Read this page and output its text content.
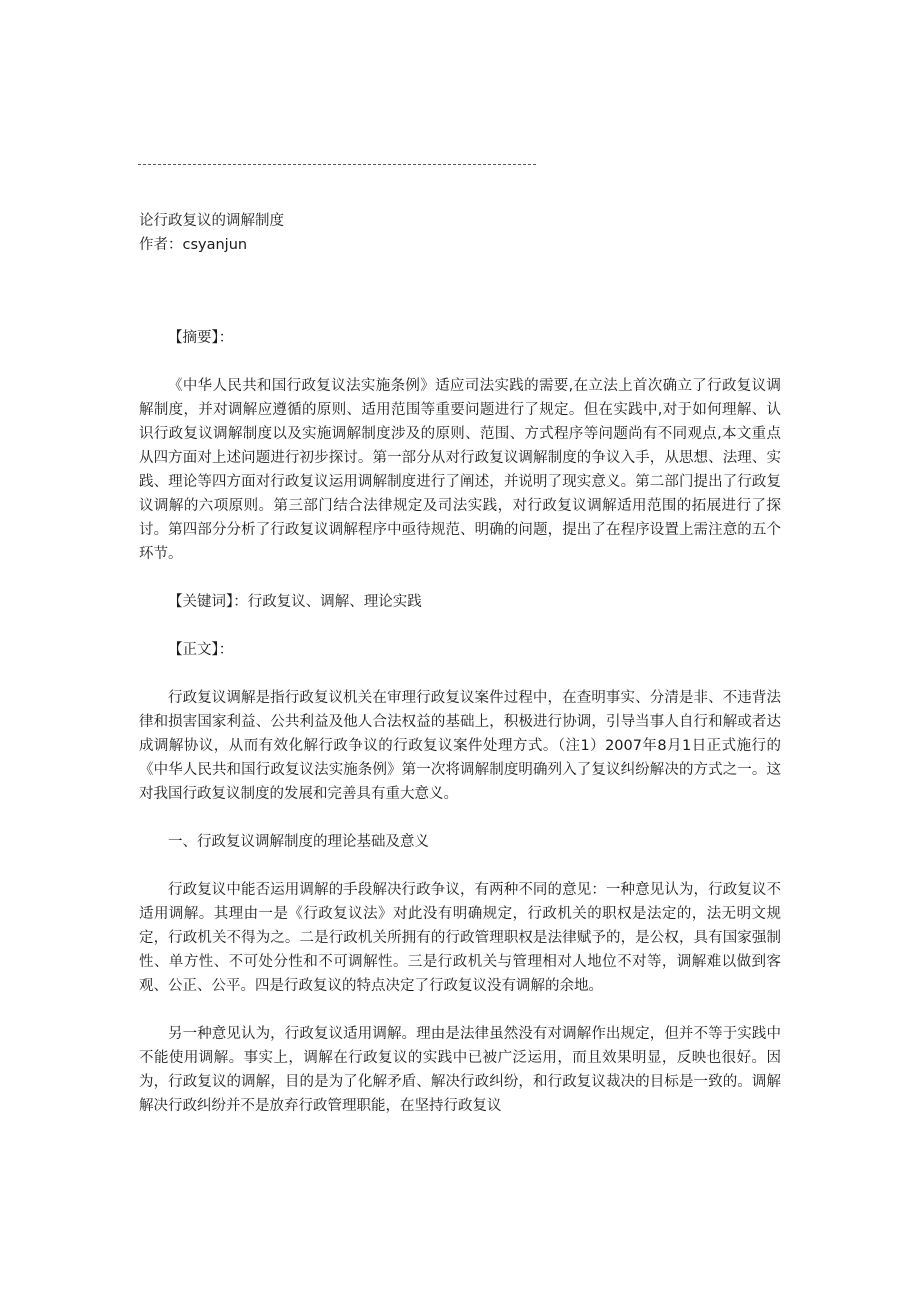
论行政复议的调解制度
作者：csyanjun

【摘要】：

《中华人民共和国行政复议法实施条例》适应司法实践的需要,在立法上首次确立了行政复议调解制度，并对调解应遵循的原则、适用范围等重要问题进行了规定。但在实践中,对于如何理解、认识行政复议调解制度以及实施调解制度涉及的原则、范围、方式程序等问题尚有不同观点,本文重点从四方面对上述问题进行初步探讨。第一部分从对行政复议调解制度的争议入手，从思想、法理、实践、理论等四方面对行政复议运用调解制度进行了阐述，并说明了现实意义。第二部门提出了行政复议调解的六项原则。第三部门结合法律规定及司法实践，对行政复议调解适用范围的拓展进行了探讨。第四部分分析了行政复议调解程序中亟待规范、明确的问题，提出了在程序设置上需注意的五个环节。

【关键词】：行政复议、调解、理论实践

【正文】：

行政复议调解是指行政复议机关在审理行政复议案件过程中，在查明事实、分清是非、不违背法律和损害国家利益、公共利益及他人合法权益的基础上，积极进行协调，引导当事人自行和解或者达成调解协议，从而有效化解行政争议的行政复议案件处理方式。（注1）2007年8月1日正式施行的《中华人民共和国行政复议法实施条例》第一次将调解制度明确列入了复议纠纷解决的方式之一。这对我国行政复议制度的发展和完善具有重大意义。

一、行政复议调解制度的理论基础及意义

行政复议中能否运用调解的手段解决行政争议，有两种不同的意见：一种意见认为，行政复议不适用调解。其理由一是《行政复议法》对此没有明确规定，行政机关的职权是法定的，法无明文规定，行政机关不得为之。二是行政机关所拥有的行政管理职权是法律赋予的，是公权，具有国家强制性、单方性、不可处分性和不可调解性。三是行政机关与管理相对人地位不对等，调解难以做到客观、公正、公平。四是行政复议的特点决定了行政复议没有调解的余地。

另一种意见认为，行政复议适用调解。理由是法律虽然没有对调解作出规定，但并不等于实践中不能使用调解。事实上，调解在行政复议的实践中已被广泛运用，而且效果明显，反映也很好。因为，行政复议的调解，目的是为了化解矛盾、解决行政纠纷，和行政复议裁决的目标是一致的。调解解决行政纠纷并不是放弃行政管理职能，在坚持行政复议
